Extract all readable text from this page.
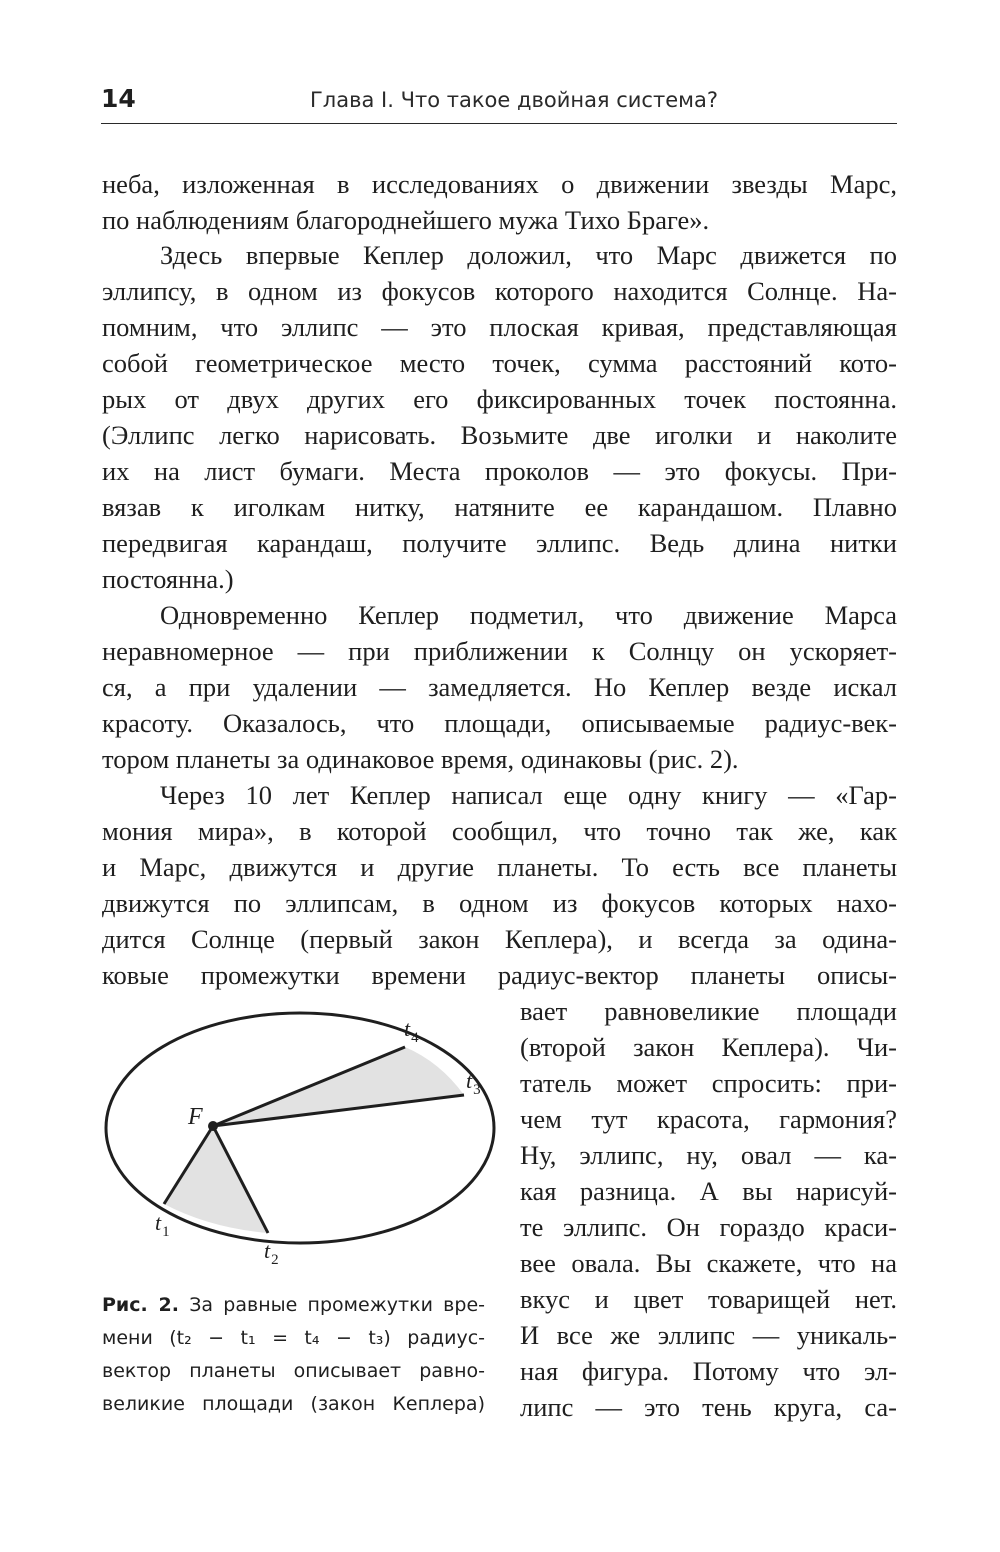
14	Глава I. Что такое двойная система?
неба, изложенная в исследованиях о движении звезды Марс,
по наблюдениям благороднейшего мужа Тихо Браге».
Здесь впервые Кеплер доложил, что Марс движется по
эллипсу, в одном из фокусов которого находится Солнце. На-
помним, что эллипс — это плоская кривая, представляющая
собой геометрическое место точек, сумма расстояний кото-
рых от двух других его фиксированных точек постоянна.
(Эллипс легко нарисовать. Возьмите две иголки и наколите
их на лист бумаги. Места проколов — это фокусы. При-
вязав к иголкам нитку, натяните ее карандашом. Плавно
передвигая карандаш, получите эллипс. Ведь длина нитки
постоянна.)
Одновременно Кеплер подметил, что движение Марса
неравномерное — при приближении к Солнцу он ускоряет-
ся, а при удалении — замедляется. Но Кеплер везде искал
красоту. Оказалось, что площади, описываемые радиус-век-
тором планеты за одинаковое время, одинаковы (рис. 2).
Через 10 лет Кеплер написал еще одну книгу — «Гар-
мония мира», в которой сообщил, что точно так же, как
и Марс, движутся и другие планеты. То есть все планеты
движутся по эллипсам, в одном из фокусов которых нахо-
дится Солнце (первый закон Кеплера), и всегда за одина-
ковые промежутки времени радиус-вектор планеты описы-
вает равновеликие площади
(второй закон Кеплера). Чи-
татель может спросить: при-
чем тут красота, гармония?
Ну, эллипс, ну, овал — ка-
кая разница. А вы нарисуй-
те эллипс. Он гораздо краси-
вее овала. Вы скажете, что на
вкус и цвет товарищей нет.
И все же эллипс — уникаль-
ная фигура. Потому что эл-
липс — это тень круга, са-
F
$t_4$
$t_3$
$t_1$
$t_2$
Рис. 2. За равные промежутки вре-
мени (t₂ − t₁ = t₄ − t₃) радиус-
вектор планеты описывает равно-
великие площади (закон Кеплера)
